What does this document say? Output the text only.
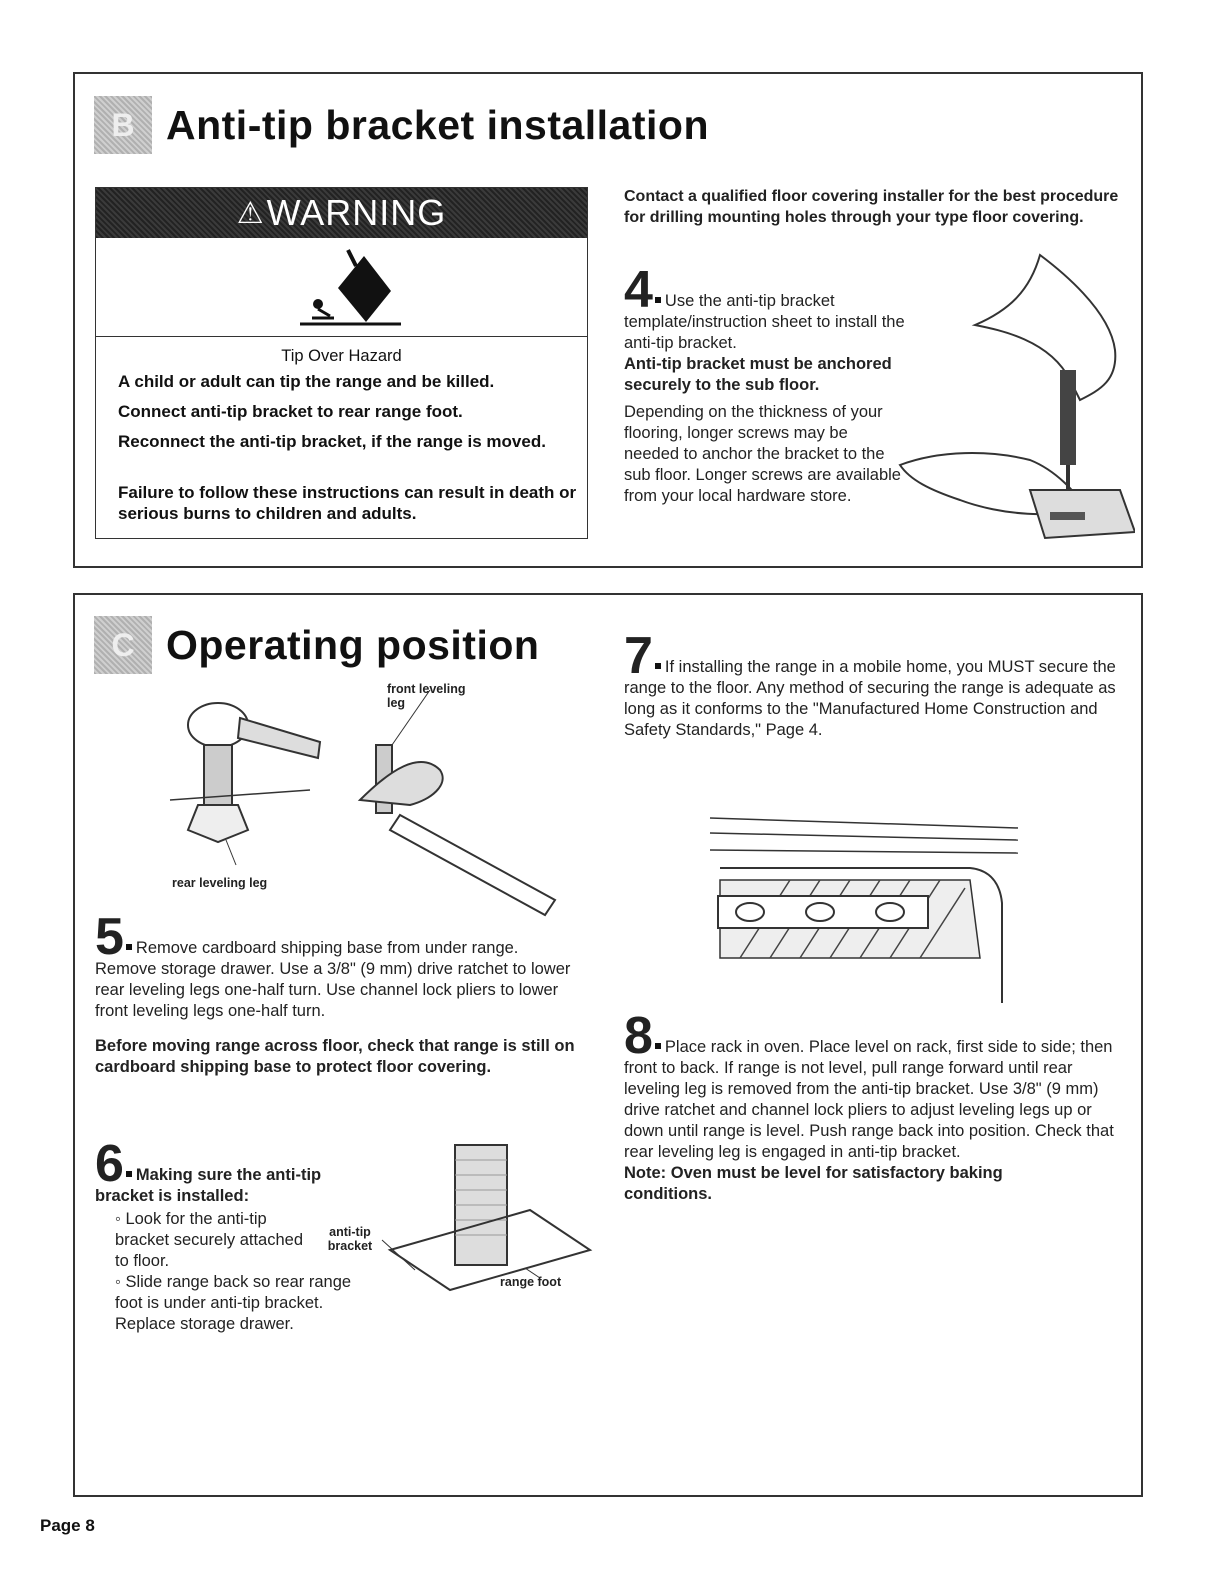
B Anti-tip bracket installation
⚠ WARNING
Tip Over Hazard
A child or adult can tip the range and be killed.
Connect anti-tip bracket to rear range foot.
Reconnect the anti-tip bracket, if the range is moved.
Failure to follow these instructions can result in death or serious burns to children and adults.
Contact a qualified floor covering installer for the best procedure for drilling mounting holes through your type floor covering.
4 Use the anti-tip bracket template/instruction sheet to install the anti-tip bracket.

Anti-tip bracket must be anchored securely to the sub floor.
Depending on the thickness of your flooring, longer screws may be needed to anchor the bracket to the sub floor. Longer screws are available from your local hardware store.
C Operating position
front leveling leg
rear leveling leg
5 Remove cardboard shipping base from under range. Remove storage drawer. Use a 3/8" (9 mm) drive ratchet to lower rear leveling legs one-half turn. Use channel lock pliers to lower front leveling legs one-half turn.
Before moving range across floor, check that range is still on cardboard shipping base to protect floor covering.
6 Making sure the anti-tip bracket is installed:
◦ Look for the anti-tip bracket securely attached to floor.
◦ Slide range back so rear range foot is under anti-tip bracket. Replace storage drawer.
anti-tip bracket
range foot
7 If installing the range in a mobile home, you MUST secure the range to the floor. Any method of securing the range is adequate as long as it conforms to the "Manufactured Home Construction and Safety Standards," Page 4.
8 Place rack in oven. Place level on rack, first side to side; then front to back. If range is not level, pull range forward until rear leveling leg is removed from the anti-tip bracket. Use 3/8" (9 mm) drive ratchet and channel lock pliers to adjust leveling legs up or down until range is level. Push range back into position. Check that rear leveling leg is engaged in anti-tip bracket.
Note: Oven must be level for satisfactory baking conditions.
Page 8
